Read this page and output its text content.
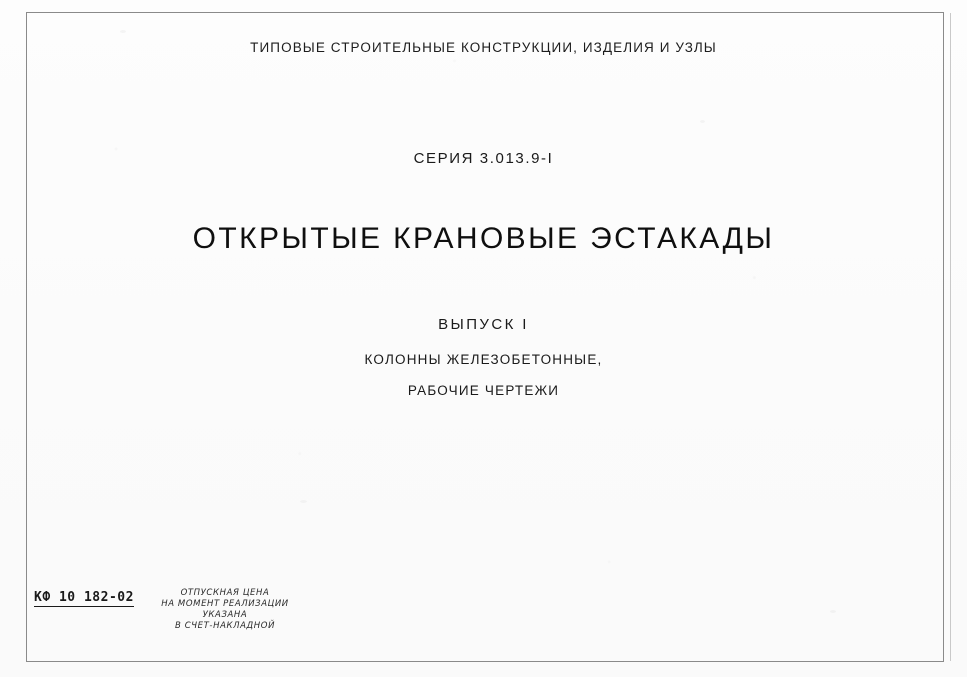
ТИПОВЫЕ СТРОИТЕЛЬНЫЕ КОНСТРУКЦИИ, ИЗДЕЛИЯ И УЗЛЫ
СЕРИЯ 3.013.9-I
ОТКРЫТЫЕ КРАНОВЫЕ ЭСТАКАДЫ
ВЫПУСК I
КОЛОННЫ ЖЕЛЕЗОБЕТОННЫЕ,
РАБОЧИЕ ЧЕРТЕЖИ
КФ 10 182-02	ОТПУСКНАЯ ЦЕНА
НА МОМЕНТ РЕАЛИЗАЦИИ
УКАЗАНА
В СЧЕТ-НАКЛАДНОЙ
